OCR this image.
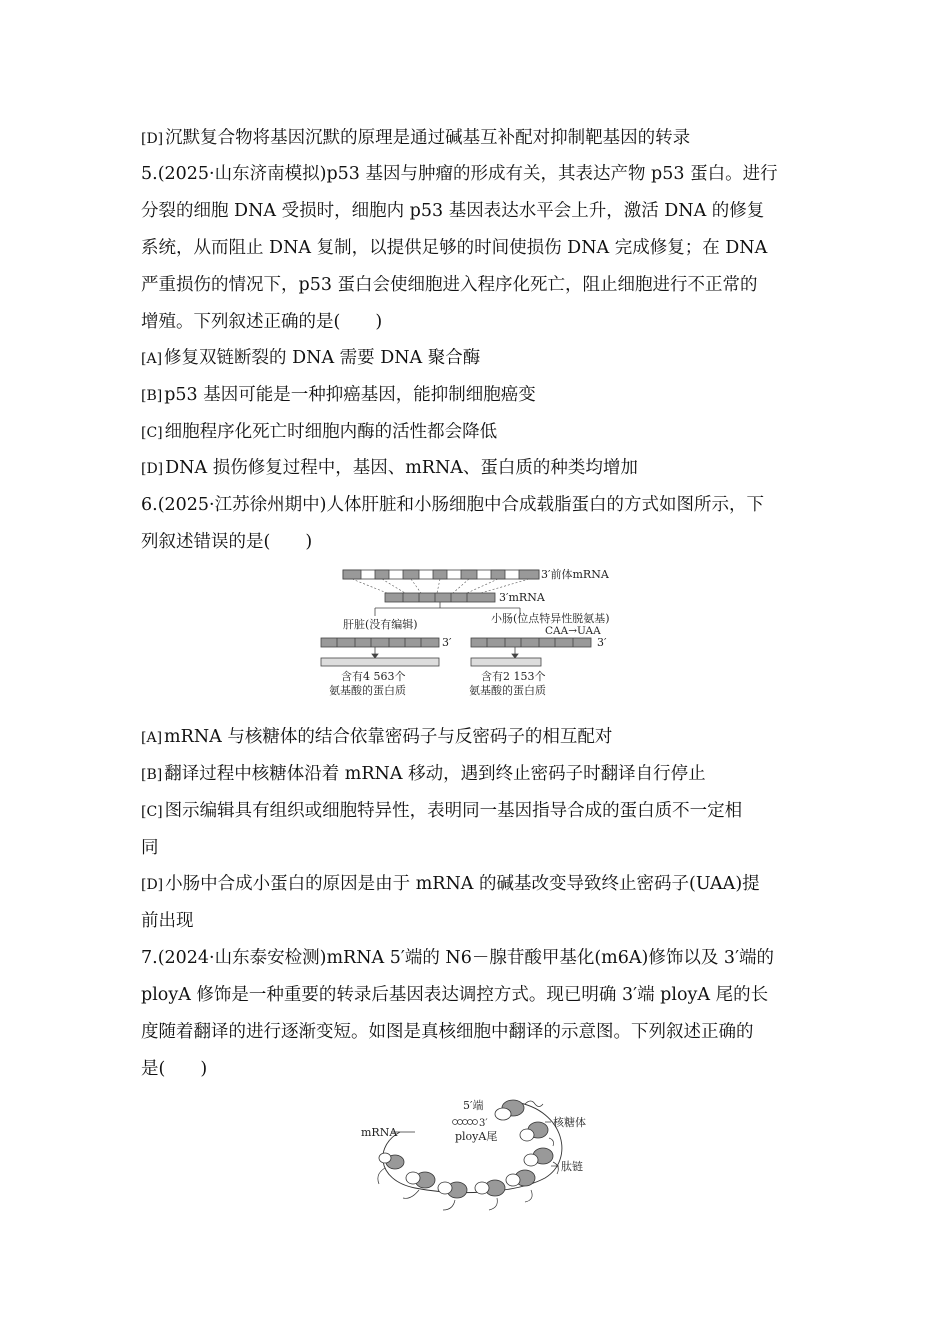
[D] 沉默复合物将基因沉默的原理是通过碱基互补配对抑制靶基因的转录
5.(2025·山东济南模拟)p53 基因与肿瘤的形成有关，其表达产物 p53 蛋白。进行
分裂的细胞 DNA 受损时，细胞内 p53 基因表达水平会上升，激活 DNA 的修复
系统，从而阻止 DNA 复制，以提供足够的时间使损伤 DNA 完成修复；在 DNA
严重损伤的情况下，p53 蛋白会使细胞进入程序化死亡，阻止细胞进行不正常的
增殖。下列叙述正确的是(　　)
[A] 修复双链断裂的 DNA 需要 DNA 聚合酶
[B] p53 基因可能是一种抑癌基因，能抑制细胞癌变
[C] 细胞程序化死亡时细胞内酶的活性都会降低
[D] DNA 损伤修复过程中，基因、mRNA、蛋白质的种类均增加
6.(2025·江苏徐州期中)人体肝脏和小肠细胞中合成载脂蛋白的方式如图所示，下
列叙述错误的是(　　)
3′前体mRNA
3′mRNA
肝脏(没有编辑)	小肠(位点特异性脱氨基)
CAA→UAA
3′	3′
含有4 563个
氨基酸的蛋白质
含有2 153个
氨基酸的蛋白质
[A] mRNA 与核糖体的结合依靠密码子与反密码子的相互配对
[B] 翻译过程中核糖体沿着 mRNA 移动，遇到终止密码子时翻译自行停止
[C] 图示编辑具有组织或细胞特异性，表明同一基因指导合成的蛋白质不一定相
同
[D] 小肠中合成小蛋白的原因是由于 mRNA 的碱基改变导致终止密码子(UAA)提
前出现
7.(2024·山东泰安检测)mRNA 5′端的 N6－腺苷酸甲基化(m6A)修饰以及 3′端的
ployA 修饰是一种重要的转录后基因表达调控方式。现已明确 3′端 ployA 尾的长
度随着翻译的进行逐渐变短。如图是真核细胞中翻译的示意图。下列叙述正确的
是(　　)
mRNA
5′端
3′
ployA尾
核糖体
肽链
